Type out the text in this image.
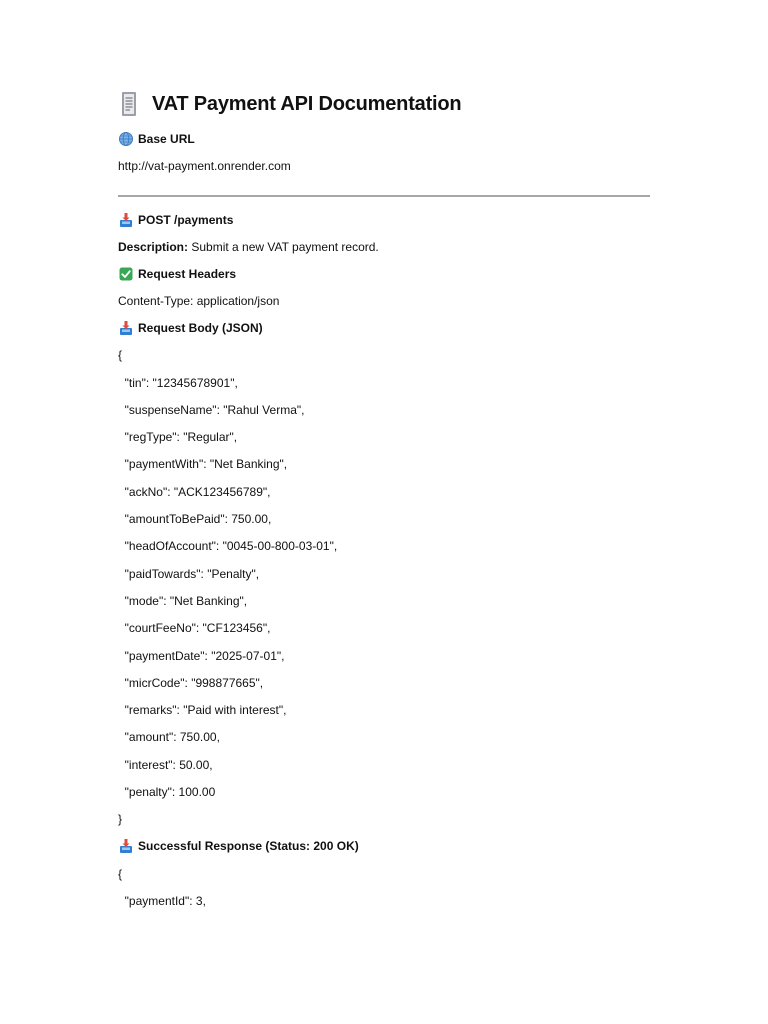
VAT Payment API Documentation
Base URL
http://vat-payment.onrender.com
POST /payments
Description: Submit a new VAT payment record.
Request Headers
Content-Type: application/json
Request Body (JSON)
{
"tin": "12345678901",
"suspenseName": "Rahul Verma",
"regType": "Regular",
"paymentWith": "Net Banking",
"ackNo": "ACK123456789",
"amountToBePaid": 750.00,
"headOfAccount": "0045-00-800-03-01",
"paidTowards": "Penalty",
"mode": "Net Banking",
"courtFeeNo": "CF123456",
"paymentDate": "2025-07-01",
"micrCode": "998877665",
"remarks": "Paid with interest",
"amount": 750.00,
"interest": 50.00,
"penalty": 100.00
}
Successful Response (Status: 200 OK)
{
"paymentId": 3,
